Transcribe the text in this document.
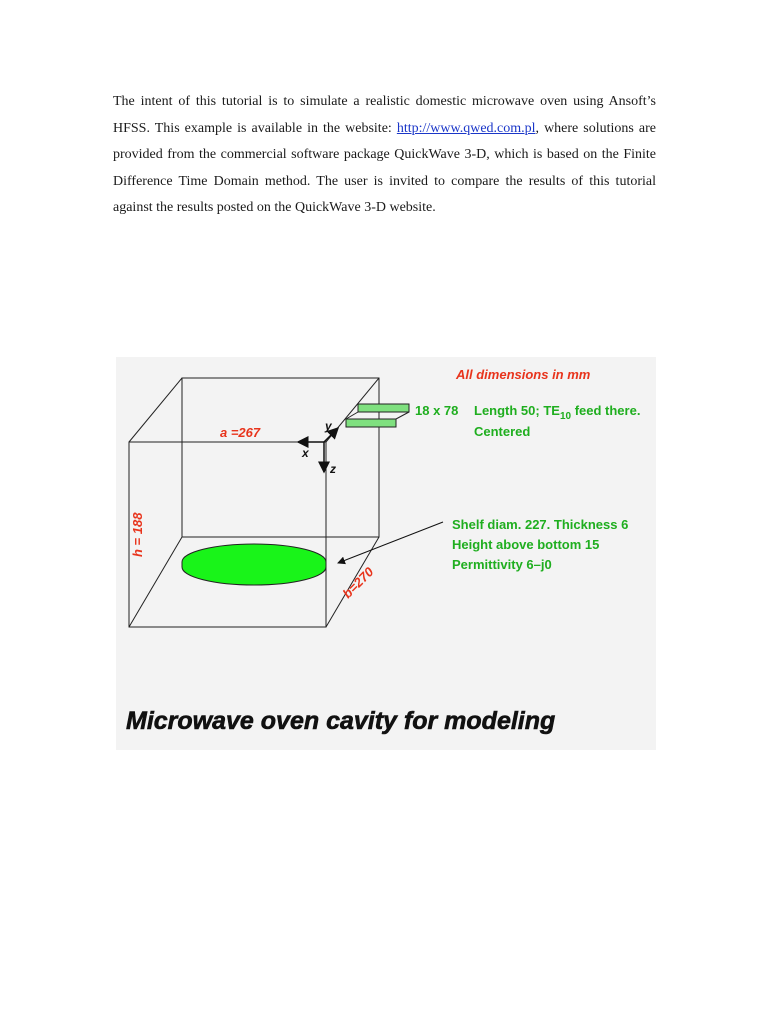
The intent of this tutorial is to simulate a realistic domestic microwave oven using Ansoft’s HFSS. This example is available in the website: http://www.qwed.com.pl, where solutions are provided from the commercial software package QuickWave 3-D, which is based on the Finite Difference Time Domain method. The user is invited to compare the results of this tutorial against the results posted on the QuickWave 3-D website.

x
y
z
a =267
h = 188
b=270
All dimensions in mm
18 x 78 Length 50; $TE_{10}$ feed there.
Centered
Shelf diam. 227. Thickness 6
Height above bottom 15
Permittivity 6–j0
Microwave oven cavity for modeling
